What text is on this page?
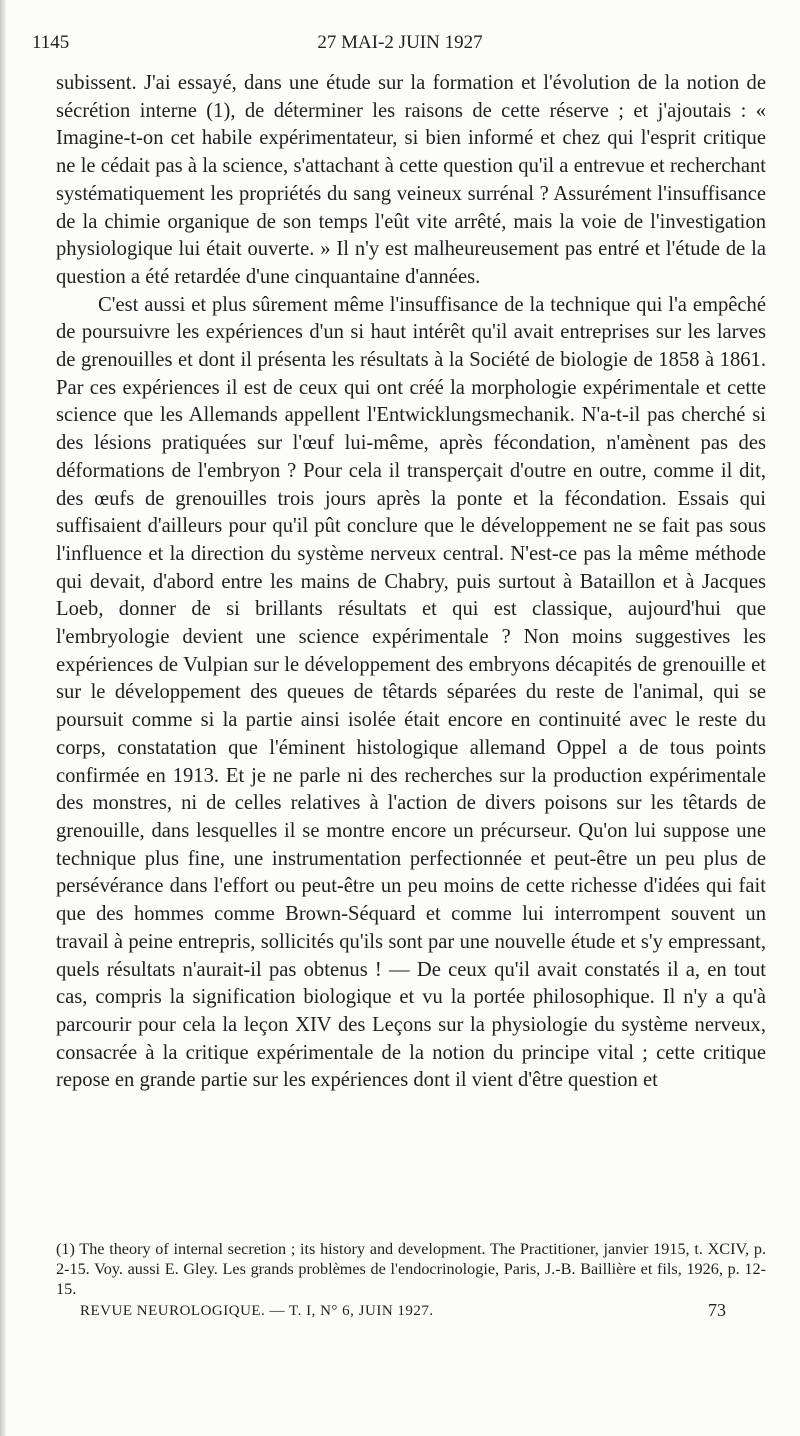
1145	27 MAI-2 JUIN 1927

subissent. J'ai essayé, dans une étude sur la formation et l'évolution de la notion de sécrétion interne (1), de déterminer les raisons de cette réserve ; et j'ajoutais : « Imagine-t-on cet habile expérimentateur, si bien informé et chez qui l'esprit critique ne le cédait pas à la science, s'attachant à cette question qu'il a entrevue et recherchant systématiquement les propriétés du sang veineux surrénal ? Assurément l'insuffisance de la chimie organique de son temps l'eût vite arrêté, mais la voie de l'investigation physiologique lui était ouverte. » Il n'y est malheureusement pas entré et l'étude de la question a été retardée d'une cinquantaine d'années.

C'est aussi et plus sûrement même l'insuffisance de la technique qui l'a empêché de poursuivre les expériences d'un si haut intérêt qu'il avait entreprises sur les larves de grenouilles et dont il présenta les résultats à la Société de biologie de 1858 à 1861. Par ces expériences il est de ceux qui ont créé la morphologie expérimentale et cette science que les Allemands appellent l'Entwicklungsmechanik. N'a-t-il pas cherché si des lésions pratiquées sur l'œuf lui-même, après fécondation, n'amènent pas des déformations de l'embryon ? Pour cela il transperçait d'outre en outre, comme il dit, des œufs de grenouilles trois jours après la ponte et la fécondation. Essais qui suffisaient d'ailleurs pour qu'il pût conclure que le développement ne se fait pas sous l'influence et la direction du système nerveux central. N'est-ce pas la même méthode qui devait, d'abord entre les mains de Chabry, puis surtout à Bataillon et à Jacques Loeb, donner de si brillants résultats et qui est classique, aujourd'hui que l'embryologie devient une science expérimentale ? Non moins suggestives les expériences de Vulpian sur le développement des embryons décapités de grenouille et sur le développement des queues de têtards séparées du reste de l'animal, qui se poursuit comme si la partie ainsi isolée était encore en continuité avec le reste du corps, constatation que l'éminent histologique allemand Oppel a de tous points confirmée en 1913. Et je ne parle ni des recherches sur la production expérimentale des monstres, ni de celles relatives à l'action de divers poisons sur les têtards de grenouille, dans lesquelles il se montre encore un précurseur. Qu'on lui suppose une technique plus fine, une instrumentation perfectionnée et peut-être un peu plus de persévérance dans l'effort ou peut-être un peu moins de cette richesse d'idées qui fait que des hommes comme Brown-Séquard et comme lui interrompent souvent un travail à peine entrepris, sollicités qu'ils sont par une nouvelle étude et s'y empressant, quels résultats n'aurait-il pas obtenus ! — De ceux qu'il avait constatés il a, en tout cas, compris la signification biologique et vu la portée philosophique. Il n'y a qu'à parcourir pour cela la leçon XIV des Leçons sur la physiologie du système nerveux, consacrée à la critique expérimentale de la notion du principe vital ; cette critique repose en grande partie sur les expériences dont il vient d'être question et

(1) The theory of internal secretion ; its history and development. The Practitioner, janvier 1915, t. XCIV, p. 2-15. Voy. aussi E. Gley. Les grands problèmes de l'endocrinologie, Paris, J.-B. Baillière et fils, 1926, p. 12-15.

REVUE NEUROLOGIQUE. — T. I, N° 6, JUIN 1927.	73
